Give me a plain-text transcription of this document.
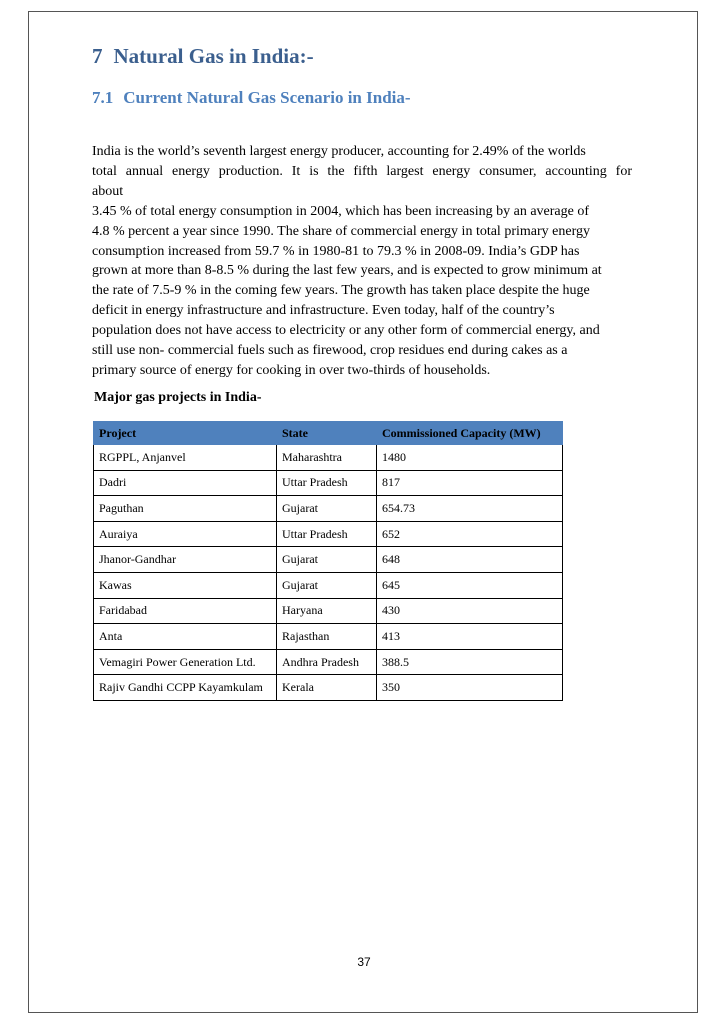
7 Natural Gas in India:-
7.1 Current Natural Gas Scenario in India-

India is the world’s seventh largest energy producer, accounting for 2.49% of the worlds
total annual energy production. It is the fifth largest energy consumer, accounting for
about
3.45 % of total energy consumption in 2004, which has been increasing by an average of
4.8 % percent a year since 1990. The share of commercial energy in total primary energy
consumption increased from 59.7 % in 1980-81 to 79.3 % in 2008-09. India’s GDP has
grown at more than 8-8.5 % during the last few years, and is expected to grow minimum at
the rate of 7.5-9 % in the coming few years. The growth has taken place despite the huge
deficit in energy infrastructure and infrastructure. Even today, half of the country’s
population does not have access to electricity or any other form of commercial energy, and
still use non- commercial fuels such as firewood, crop residues end during cakes as a
primary source of energy for cooking in over two-thirds of households.

Major gas projects in India-

Project	State	Commissioned Capacity (MW)
RGPPL, Anjanvel	Maharashtra	1480
Dadri	Uttar Pradesh	817
Paguthan	Gujarat	654.73
Auraiya	Uttar Pradesh	652
Jhanor-Gandhar	Gujarat	648
Kawas	Gujarat	645
Faridabad	Haryana	430
Anta	Rajasthan	413
Vemagiri Power Generation Ltd.	Andhra Pradesh	388.5
Rajiv Gandhi CCPP Kayamkulam	Kerala	350
37
